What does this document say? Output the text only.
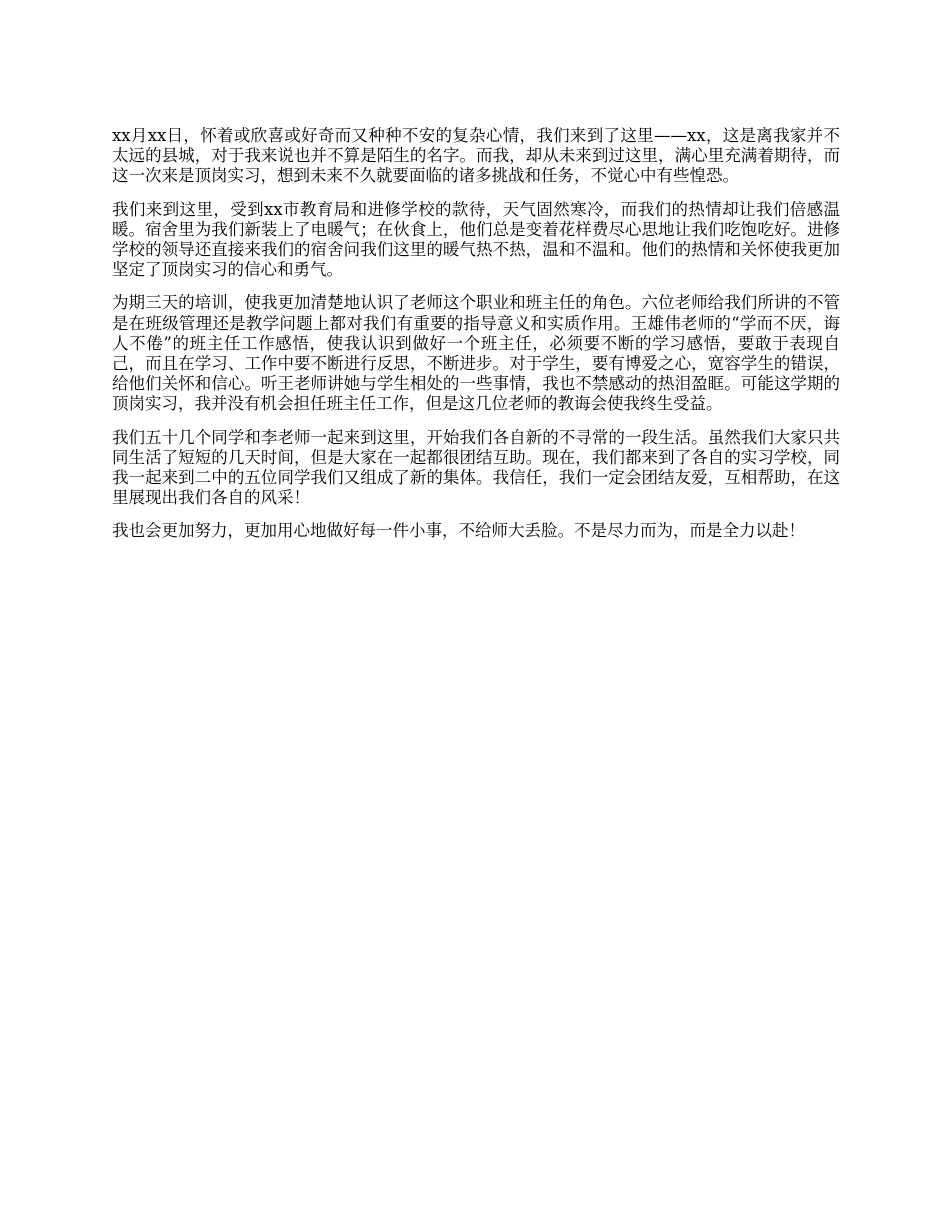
xx月xx日，怀着或欣喜或好奇而又种种不安的复杂心情，我们来到了这里——xx，这是离我家并不太远的县城，对于我来说也并不算是陌生的名字。而我，却从未来到过这里，满心里充满着期待，而这一次来是顶岗实习，想到未来不久就要面临的诸多挑战和任务，不觉心中有些惶恐。

我们来到这里，受到xx市教育局和进修学校的款待，天气固然寒冷，而我们的热情却让我们倍感温暖。宿舍里为我们新装上了电暖气；在伙食上，他们总是变着花样费尽心思地让我们吃饱吃好。进修学校的领导还直接来我们的宿舍问我们这里的暖气热不热，温和不温和。他们的热情和关怀使我更加坚定了顶岗实习的信心和勇气。

为期三天的培训，使我更加清楚地认识了老师这个职业和班主任的角色。六位老师给我们所讲的不管是在班级管理还是教学问题上都对我们有重要的指导意义和实质作用。王雄伟老师的“学而不厌，诲人不倦”的班主任工作感悟，使我认识到做好一个班主任，必须要不断的学习感悟，要敢于表现自己，而且在学习、工作中要不断进行反思，不断进步。对于学生，要有博爱之心，宽容学生的错误，给他们关怀和信心。听王老师讲她与学生相处的一些事情，我也不禁感动的热泪盈眶。可能这学期的顶岗实习，我并没有机会担任班主任工作，但是这几位老师的教诲会使我终生受益。

我们五十几个同学和李老师一起来到这里，开始我们各自新的不寻常的一段生活。虽然我们大家只共同生活了短短的几天时间，但是大家在一起都很团结互助。现在，我们都来到了各自的实习学校，同我一起来到二中的五位同学我们又组成了新的集体。我信任，我们一定会团结友爱，互相帮助，在这里展现出我们各自的风采！

我也会更加努力，更加用心地做好每一件小事，不给师大丢脸。不是尽力而为，而是全力以赴！
